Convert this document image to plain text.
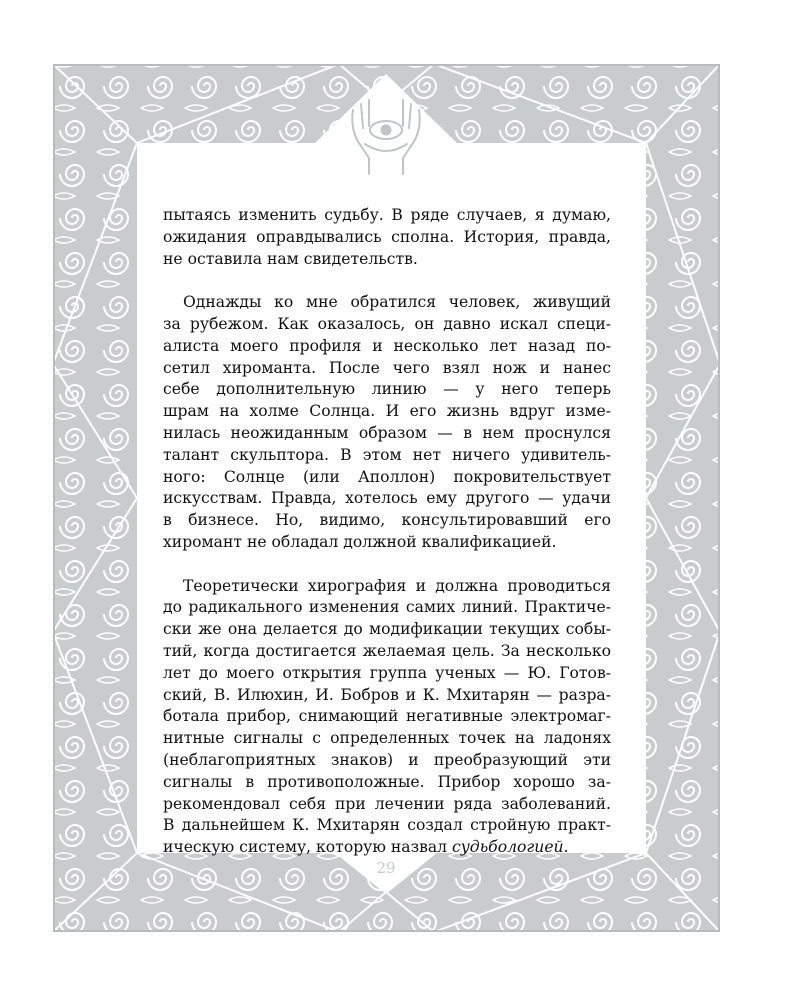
пытаясь изменить судьбу. В ряде случаев, я думаю,
ожидания оправдывались сполна. История, правда,
не оставила нам свидетельств.

Однажды ко мне обратился человек, живущий
за рубежом. Как оказалось, он давно искал специ-
алиста моего профиля и несколько лет назад по-
сетил хироманта. После чего взял нож и нанес
себе дополнительную линию — у него теперь
шрам на холме Солнца. И его жизнь вдруг изме-
нилась неожиданным образом — в нем проснулся
талант скульптора. В этом нет ничего удивитель-
ного: Солнце (или Аполлон) покровительствует
искусствам. Правда, хотелось ему другого — удачи
в бизнесе. Но, видимо, консультировавший его
хиромант не обладал должной квалификацией.

Теоретически хирография и должна проводиться
до радикального изменения самих линий. Практиче-
ски же она делается до модификации текущих собы-
тий, когда достигается желаемая цель. За несколько
лет до моего открытия группа ученых — Ю. Готов-
ский, В. Илюхин, И. Бобров и К. Мхитарян — разра-
ботала прибор, снимающий негативные электромаг-
нитные сигналы с определенных точек на ладонях
(неблагоприятных знаков) и преобразующий эти
сигналы в противоположные. Прибор хорошо за-
рекомендовал себя при лечении ряда заболеваний.
В дальнейшем К. Мхитарян создал стройную практ-
ическую систему, которую назвал судьбологией.

29
